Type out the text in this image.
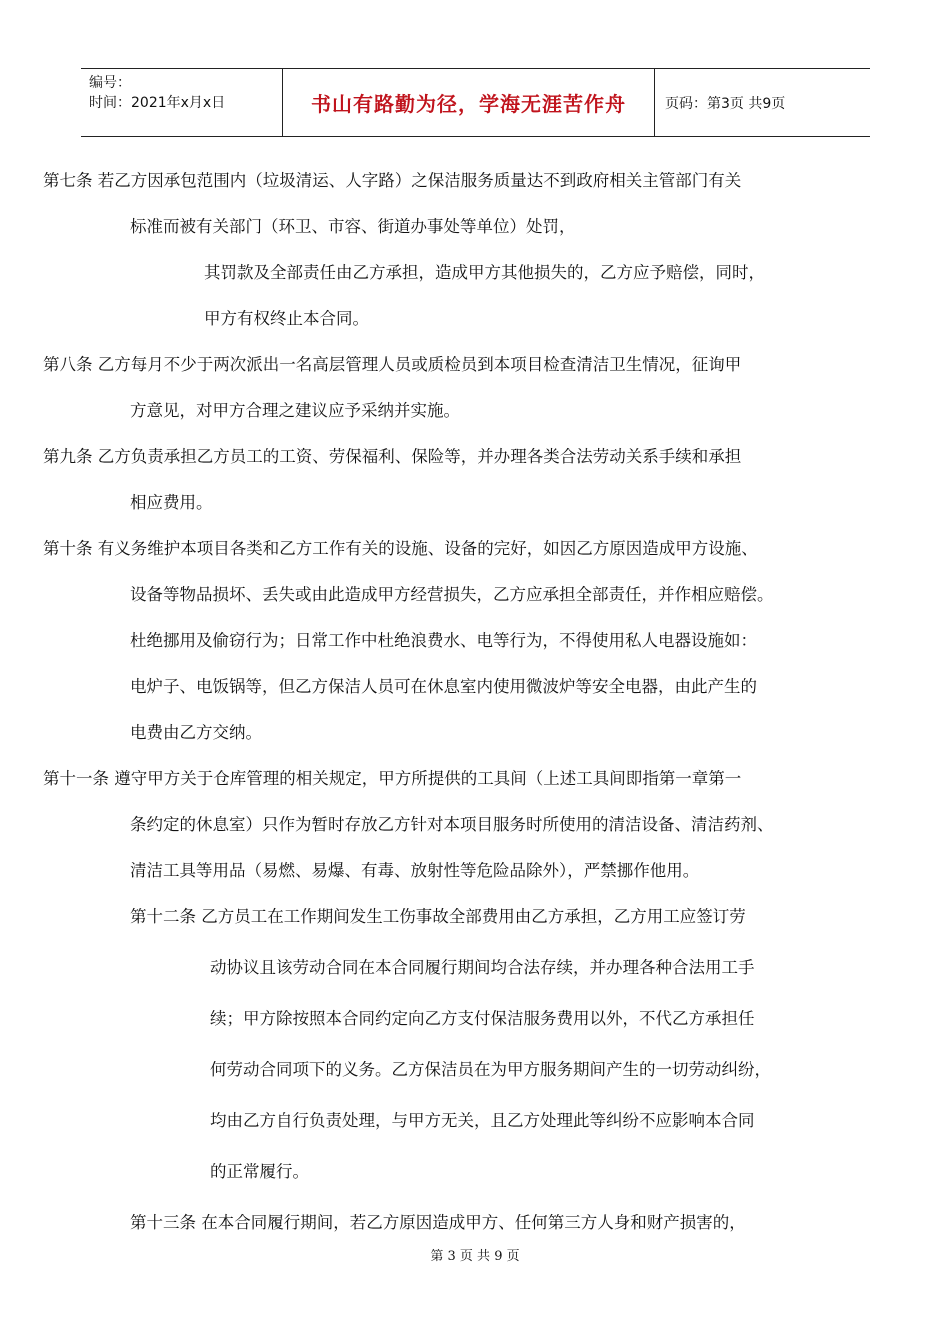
编号：
时间：2021年x月x日	书山有路勤为径，学海无涯苦作舟	页码：第3页 共9页
第七条 若乙方因承包范围内（垃圾清运、人字路）之保洁服务质量达不到政府相关主管部门有关
标准而被有关部门（环卫、市容、街道办事处等单位）处罚，
其罚款及全部责任由乙方承担，造成甲方其他损失的，乙方应予赔偿，同时，
甲方有权终止本合同。
第八条 乙方每月不少于两次派出一名高层管理人员或质检员到本项目检查清洁卫生情况，征询甲
方意见，对甲方合理之建议应予采纳并实施。
第九条 乙方负责承担乙方员工的工资、劳保福利、保险等，并办理各类合法劳动关系手续和承担
相应费用。
第十条 有义务维护本项目各类和乙方工作有关的设施、设备的完好，如因乙方原因造成甲方设施、
设备等物品损坏、丢失或由此造成甲方经营损失，乙方应承担全部责任，并作相应赔偿。
杜绝挪用及偷窃行为；日常工作中杜绝浪费水、电等行为，不得使用私人电器设施如：
电炉子、电饭锅等，但乙方保洁人员可在休息室内使用微波炉等安全电器，由此产生的
电费由乙方交纳。
第十一条 遵守甲方关于仓库管理的相关规定，甲方所提供的工具间（上述工具间即指第一章第一
条约定的休息室）只作为暂时存放乙方针对本项目服务时所使用的清洁设备、清洁药剂、
清洁工具等用品（易燃、易爆、有毒、放射性等危险品除外），严禁挪作他用。
第十二条 乙方员工在工作期间发生工伤事故全部费用由乙方承担，乙方用工应签订劳
动协议且该劳动合同在本合同履行期间均合法存续，并办理各种合法用工手
续；甲方除按照本合同约定向乙方支付保洁服务费用以外，不代乙方承担任
何劳动合同项下的义务。乙方保洁员在为甲方服务期间产生的一切劳动纠纷，
均由乙方自行负责处理，与甲方无关，且乙方处理此等纠纷不应影响本合同
的正常履行。
第十三条 在本合同履行期间，若乙方原因造成甲方、任何第三方人身和财产损害的，
第 3 页 共 9 页
